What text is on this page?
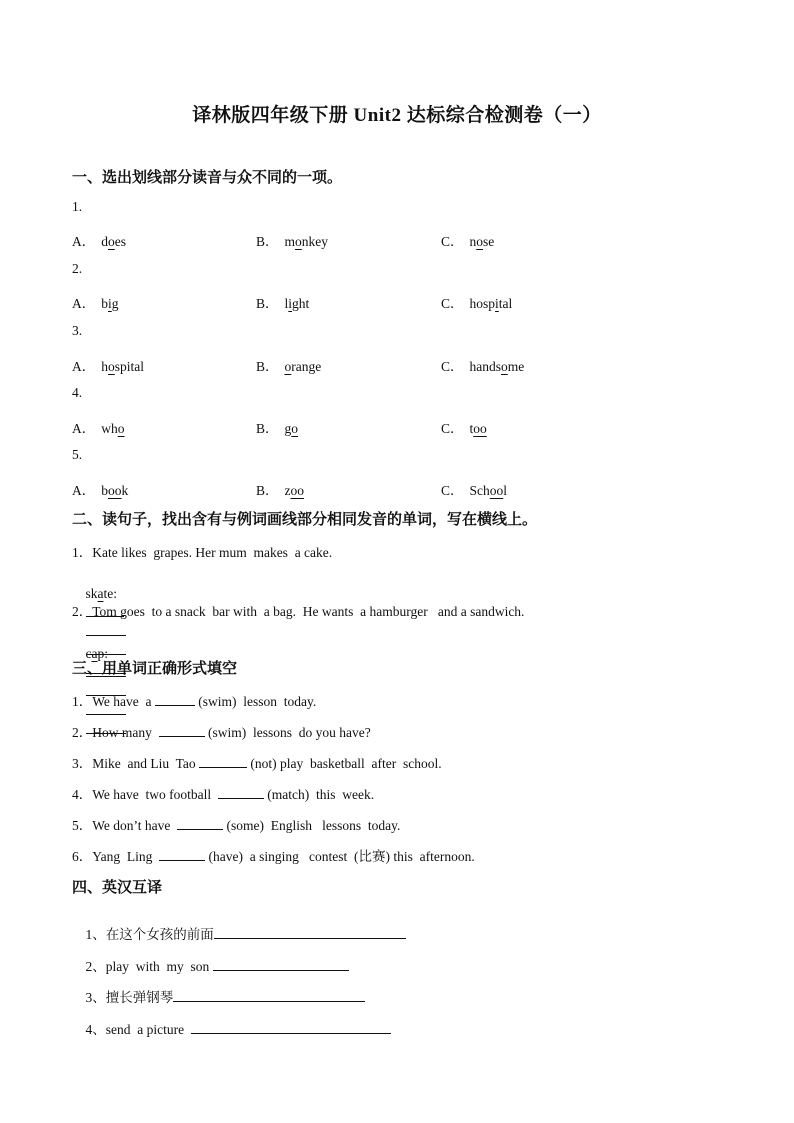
译林版四年级下册 Unit2 达标综合检测卷（一）
一、选出划线部分读音与众不同的一项。
1.
A． does	B． monkey	C． nose
2.
A． big	B． light	C． hospital
3.
A． hospital	B． orange	C． handsome
4.
A． who	B． go	C． too
5.
A． book	B． zoo	C． School
二、读句子，找出含有与例词画线部分相同发音的单词，写在横线上。
1．Kate likes  grapes. Her mum  makes  a cake.

skate:

2．Tom goes  to a snack  bar with  a bag.  He wants  a hamburger   and a sandwich.

cap:

三、用单词正确形式填空
1．We have  a	(swim)  lesson  today.
2．How many	(swim)  lessons  do you have?
3．Mike  and Liu  Tao	(not) play  basketball  after  school.
4．We have  two football	(match)  this  week.
5．We don’t have	(some)  English   lessons  today.
6．Yang  Ling	(have)  a singing   contest  (比赛) this  afternoon.
四、英汉互译

1、在这个女孩的前面

2、play  with  my  son

3、擅长弹钢琴

4、send  a picture
